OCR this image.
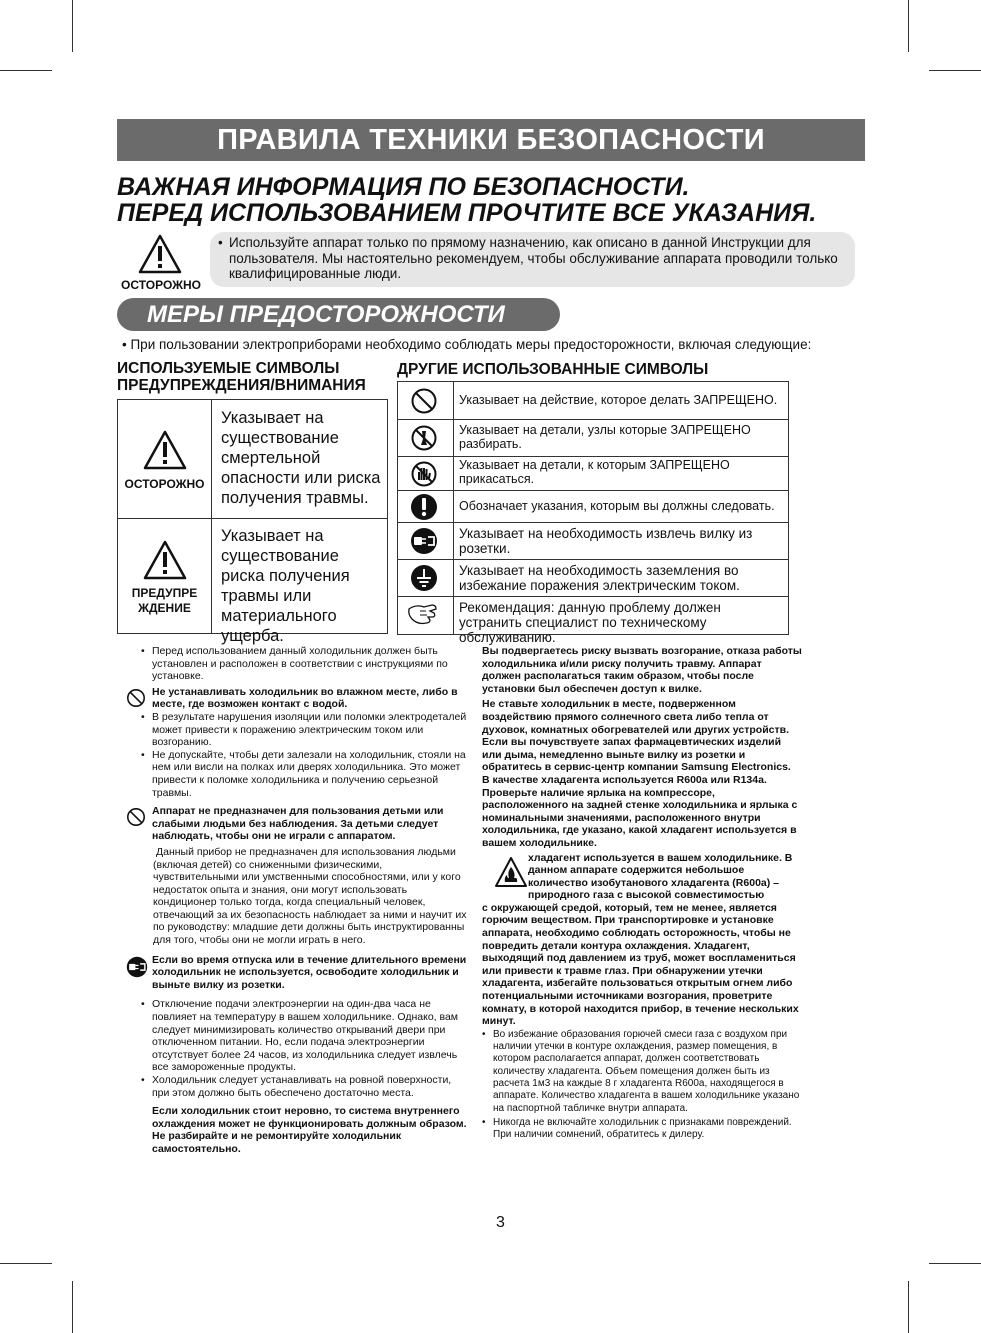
ПРАВИЛА ТЕХНИКИ БЕЗОПАСНОСТИ
ВАЖНАЯ ИНФОРМАЦИЯ ПО БЕЗОПАСНОСТИ.
ПЕРЕД ИСПОЛЬЗОВАНИЕМ ПРОЧТИТЕ ВСЕ УКАЗАНИЯ.
ОСТОРОЖНО
• Используйте аппарат только по прямому назначению, как описано в данной Инструкции для пользователя. Мы настоятельно рекомендуем, чтобы обслуживание аппарата проводили только квалифицированные люди.
МЕРЫ ПРЕДОСТОРОЖНОСТИ
• При пользовании электроприборами необходимо соблюдать меры предосторожности, включая следующие:
ИСПОЛЬЗУЕМЫЕ СИМВОЛЫ
ПРЕДУПРЕЖДЕНИЯ/ВНИМАНИЯ
ДРУГИЕ ИСПОЛЬЗОВАННЫЕ СИМВОЛЫ
ОСТОРОЖНО
Указывает на существование смертельной опасности или риска получения травмы.
ПРЕДУПРЕ ЖДЕНИЕ
Указывает на существование риска получения травмы или материального ущерба.
Указывает на действие, которое делать ЗАПРЕЩЕНО.
Указывает на детали, узлы которые ЗАПРЕЩЕНО разбирать.
Указывает на детали, к которым ЗАПРЕЩЕНО прикасаться.
Обозначает указания, которым вы должны следовать.
Указывает на необходимость извлечь вилку из розетки.
Указывает на необходимость заземления во избежание поражения электрическим током.
Рекомендация: данную проблему должен устранить специалист по техническому обслуживанию.

• Перед использованием данный холодильник должен быть установлен и расположен в соответствии с инструкциями по установке.

Не устанавливать холодильник во влажном месте, либо в месте, где возможен контакт с водой.

• В результате нарушения изоляции или поломки электродеталей может привести к поражению электрическим током или возгоранию.

• Не допускайте, чтобы дети залезали на холодильник, стояли на нем или висли на полках или дверях холодильника. Это может привести к поломке холодильника и получению серьезной травмы.

Аппарат не предназначен для пользования детьми или слабыми людьми без наблюдения. За детьми следует наблюдать, чтобы они не играли с аппаратом.

Данный прибор не предназначен для использования людьми (включая детей) со сниженными физическими, чувствительными или умственными способностями, или у кого недостаток опыта и знания, они могут использовать кондиционер только тогда, когда специальный человек, отвечающий за их безопасность наблюдает за ними и научит их по руководству: младшие дети должны быть инструктированны для того, чтобы они не могли играть в него.

Если во время отпуска или в течение длительного времени холодильник не используется, освободите холодильник и выньте вилку из розетки.

• Отключение подачи электроэнергии на один-два часа не повлияет на температуру в вашем холодильнике. Однако, вам следует минимизировать количество открываний двери при отключенном питании. Но, если подача электроэнергии отсутствует более 24 часов, из холодильника следует извлечь все замороженные продукты.

• Холодильник следует устанавливать на ровной поверхности, при этом должно быть обеспечено достаточно места.

Если холодильник стоит неровно, то система внутреннего охлаждения может не функционировать должным образом. Не разбирайте и не ремонтируйте холодильник самостоятельно.

Вы подвергаетесь риску вызвать возгорание, отказа работы холодильника и/или риску получить травму. Аппарат должен располагаться таким образом, чтобы после установки был обеспечен доступ к вилке.

Не ставьте холодильник в месте, подверженном воздействию прямого солнечного света либо тепла от духовок, комнатных обогревателей или других устройств. Если вы почувствуете запах фармацевтических изделий или дыма, немедленно выньте вилку из розетки и обратитесь в сервис-центр компании Samsung Electronics.

В качестве хладагента используется R600a или R134a. Проверьте наличие ярлыка на компрессоре, расположенного на задней стенке холодильника и ярлыка с номинальными значениями, расположенного внутри холодильника, где указано, какой хладагент используется в вашем холодильнике.

хладагент используется в вашем холодильнике. В данном аппарате содержится небольшое количество изобутанового хладагента (R600a) – природного газа с высокой совместимостью

с окружающей средой, который, тем не менее, является горючим веществом. При транспортировке и установке аппарата, необходимо соблюдать осторожность, чтобы не повредить детали контура охлаждения. Хладагент, выходящий под давлением из труб, может воспламениться или привести к травме глаз. При обнаружении утечки хладагента, избегайте пользоваться открытым огнем либо потенциальными источниками возгорания, проветрите комнату, в которой находится прибор, в течение нескольких минут.

• Во избежание образования горючей смеси газа с воздухом при наличии утечки в контуре охлаждения, размер помещения, в котором располагается аппарат, должен соответствовать количеству хладагента. Объем помещения должен быть из расчета 1м3 на каждые 8 г хладагента R600a, находящегося в аппарате. Количество хладагента в вашем холодильнике указано на паспортной табличке внутри аппарата.

• Никогда не включайте холодильник с признаками повреждений. При наличии сомнений, обратитесь к дилеру.

3
